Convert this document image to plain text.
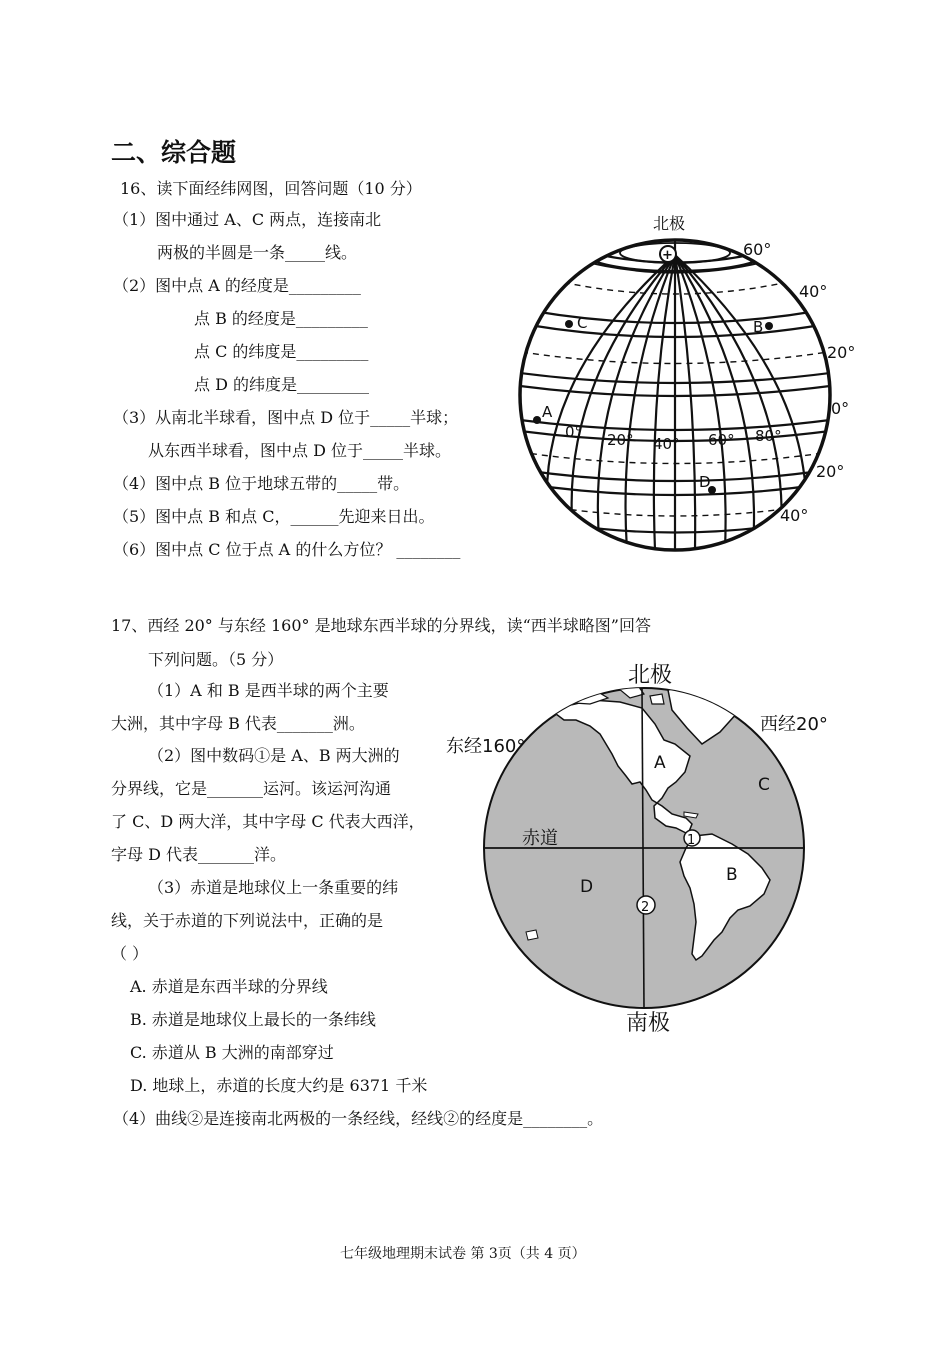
二、综合题
16、读下面经纬网图，回答问题（10 分）
（1）图中通过 A、C 两点，连接南北
两极的半圆是一条_____线。
（2）图中点 A 的经度是_________
点 B 的经度是_________
点 C 的纬度是_________
点 D 的纬度是_________
（3）从南北半球看，图中点 D 位于_____半球；
从东西半球看，图中点 D 位于_____半球。
（4）图中点 B 位于地球五带的_____带。
（5）图中点 B 和点 C，______先迎来日出。
（6）图中点 C 位于点 A 的什么方位？ ________
+
北极
60°
40°
20°
0°
20°
40°
0° 20° 40° 60° 80°
A
B
C
D
17、西经 20° 与东经 160° 是地球东西半球的分界线，读“西半球略图”回答
下列问题。（5 分）
（1）A 和 B 是西半球的两个主要
大洲，其中字母 B 代表_______洲。
（2）图中数码①是 A、B 两大洲的
分界线，它是_______运河。该运河沟通
了 C、D 两大洋，其中字母 C 代表大西洋，
字母 D 代表_______洋。
（3）赤道是地球仪上一条重要的纬
线，关于赤道的下列说法中，正确的是
（ ）
A. 赤道是东西半球的分界线
B. 赤道是地球仪上最长的一条纬线
C. 赤道从 B 大洲的南部穿过
D. 地球上，赤道的长度大约是 6371 千米
（4）曲线②是连接南北两极的一条经线，经线②的经度是________。
北极
南极
东经160°
西经20°
赤道
A
B
C
D
1
2
七年级地理期末试卷 第 3页（共 4 页）
